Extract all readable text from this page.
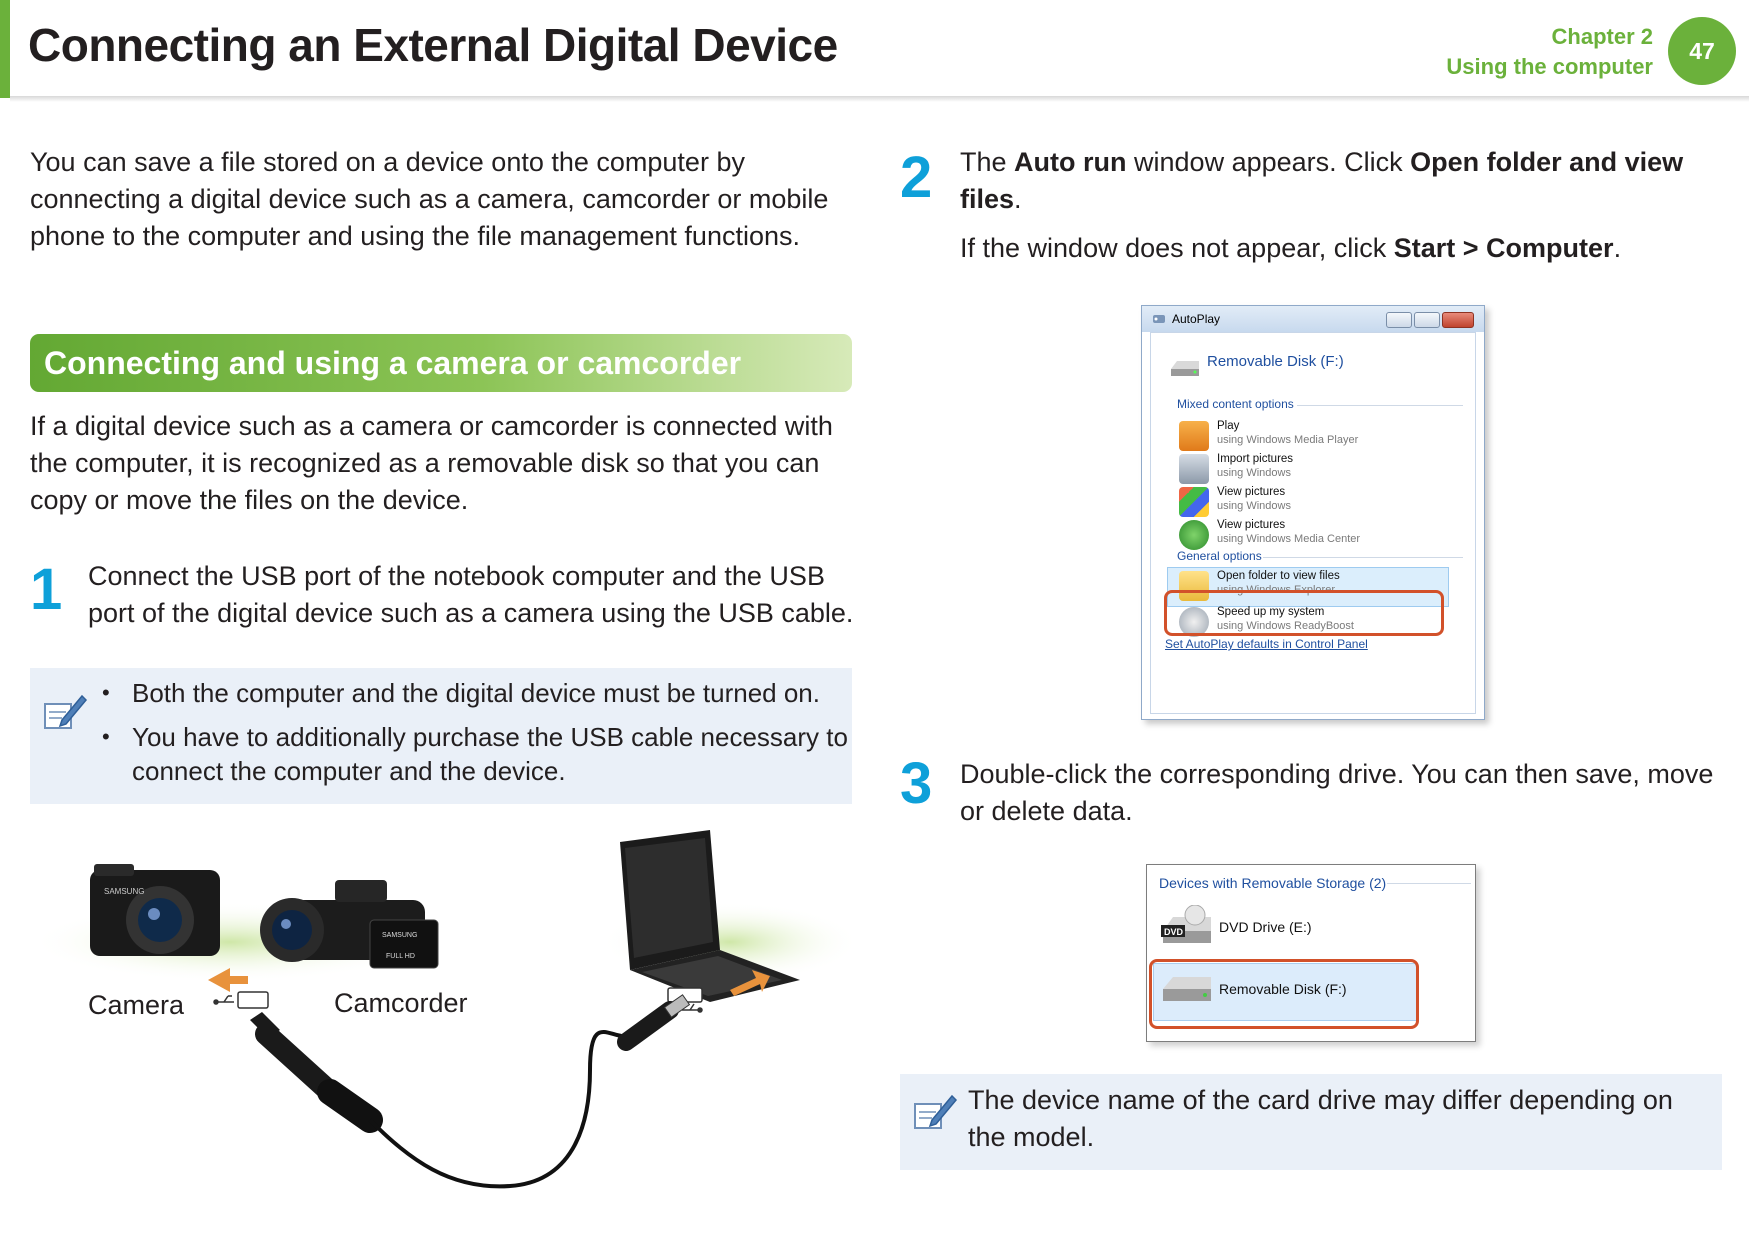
Connecting an External Digital Device	Chapter 2
Using the computer
47

You can save a file stored on a device onto the computer by connecting a digital device such as a camera, camcorder or mobile phone to the computer and using the file management functions.

Connecting and using a camera or camcorder

If a digital device such as a camera or camcorder is connected with the computer, it is recognized as a removable disk so that you can copy or move the files on the device.

1 Connect the USB port of the notebook computer and the USB port of the digital device such as a camera using the USB cable.

• Both the computer and the digital device must be turned on.
• You have to additionally purchase the USB cable necessary to connect the computer and the device.
SAMSUNG
SAMSUNG
FULL HD
Camera	Camcorder
2 The Auto run window appears. Click Open folder and view files.

If the window does not appear, click Start > Computer.

AutoPlay
Removable Disk (F:)
Mixed content options
Play
using Windows Media Player
Import pictures
using Windows
View pictures
using Windows
View pictures
using Windows Media Center
General options
Open folder to view files
using Windows Explorer
Speed up my system
using Windows ReadyBoost
Set AutoPlay defaults in Control Panel
3 Double-click the corresponding drive. You can then save, move or delete data.

Devices with Removable Storage (2)
DVD	DVD Drive (E:)
Removable Disk (F:)

The device name of the card drive may differ depending on the model.
